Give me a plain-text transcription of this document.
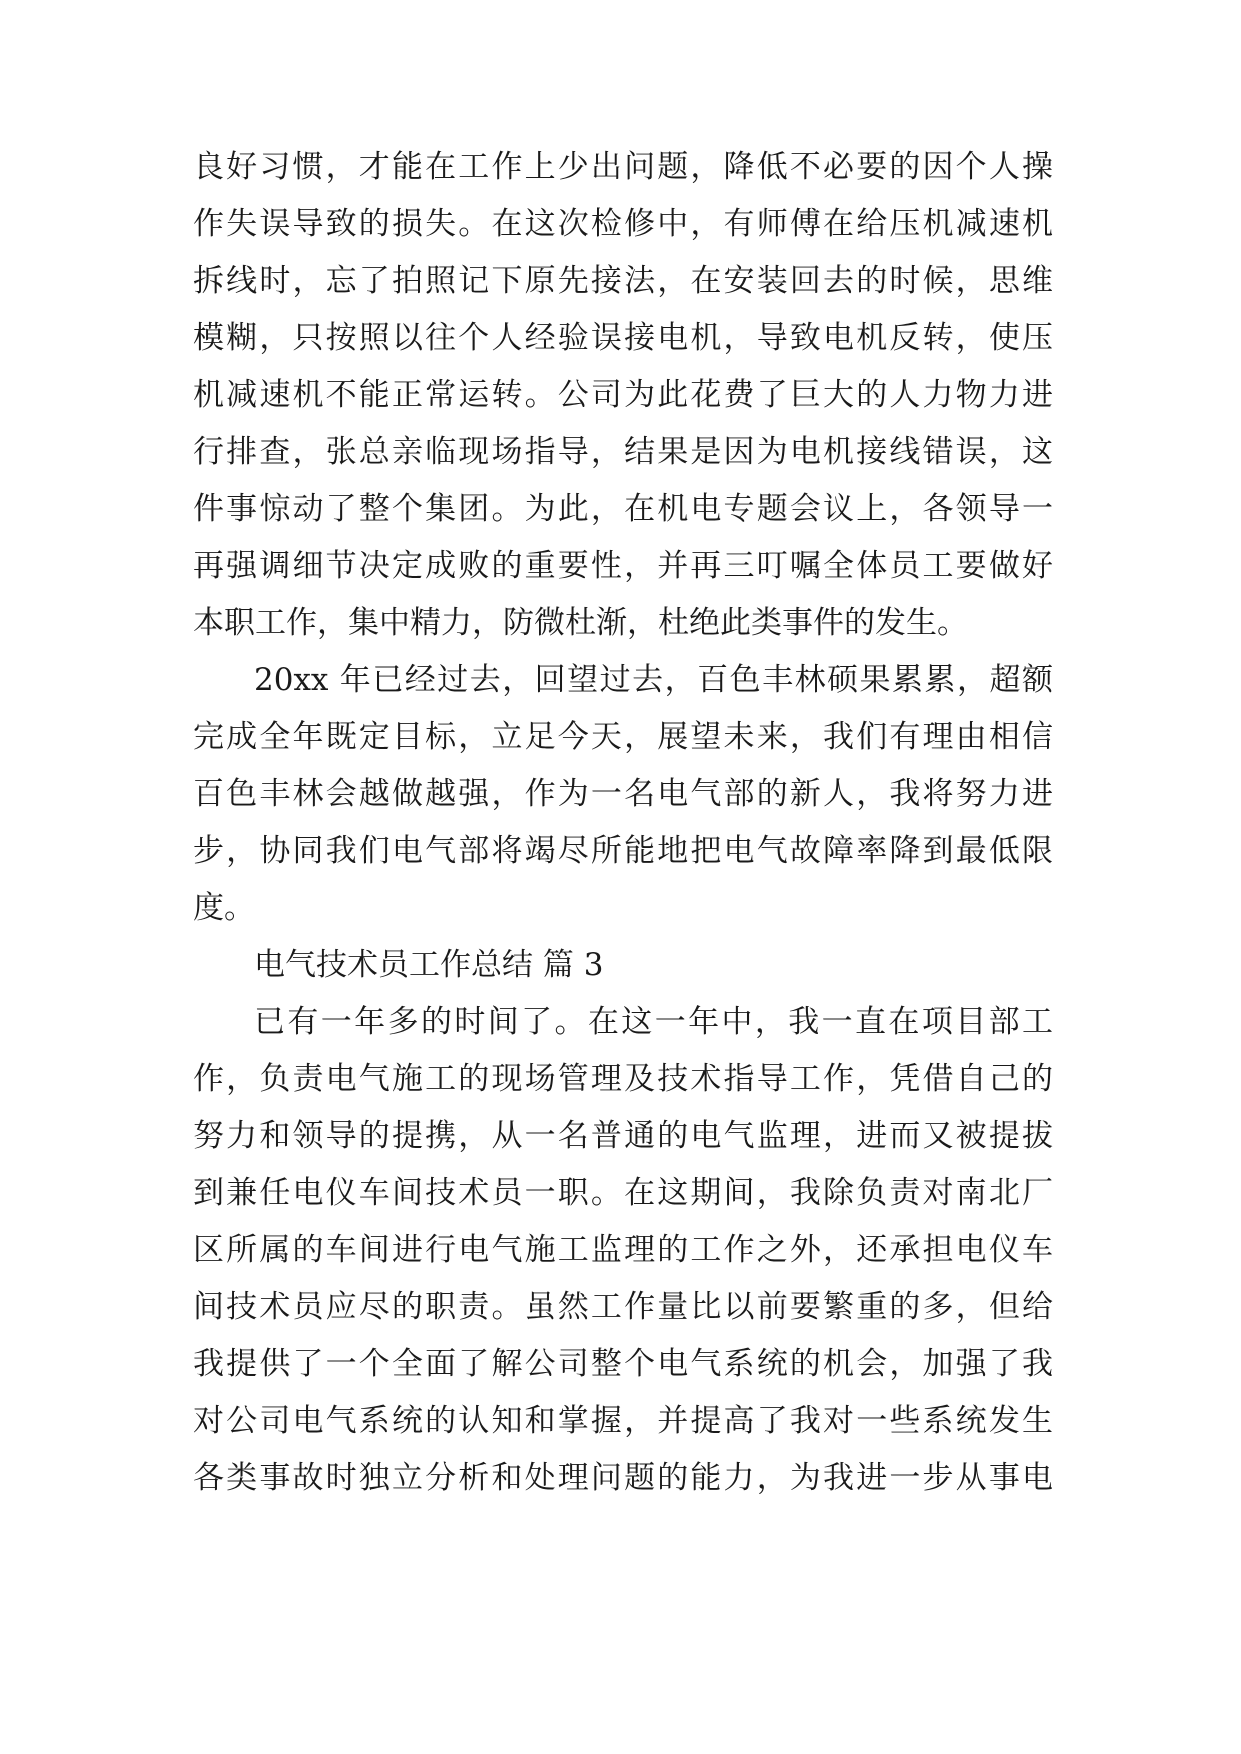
良好习惯，才能在工作上少出问题，降低不必要的因个人操
作失误导致的损失。在这次检修中，有师傅在给压机减速机
拆线时，忘了拍照记下原先接法，在安装回去的时候，思维
模糊，只按照以往个人经验误接电机，导致电机反转，使压
机减速机不能正常运转。公司为此花费了巨大的人力物力进
行排查，张总亲临现场指导，结果是因为电机接线错误，这
件事惊动了整个集团。为此，在机电专题会议上，各领导一
再强调细节决定成败的重要性，并再三叮嘱全体员工要做好
本职工作，集中精力，防微杜渐，杜绝此类事件的发生。
20xx 年已经过去，回望过去，百色丰林硕果累累，超额
完成全年既定目标，立足今天，展望未来，我们有理由相信
百色丰林会越做越强，作为一名电气部的新人，我将努力进
步，协同我们电气部将竭尽所能地把电气故障率降到最低限
度。
电气技术员工作总结 篇 3
已有一年多的时间了。在这一年中，我一直在项目部工
作，负责电气施工的现场管理及技术指导工作，凭借自己的
努力和领导的提携，从一名普通的电气监理，进而又被提拔
到兼任电仪车间技术员一职。在这期间，我除负责对南北厂
区所属的车间进行电气施工监理的工作之外，还承担电仪车
间技术员应尽的职责。虽然工作量比以前要繁重的多，但给
我提供了一个全面了解公司整个电气系统的机会，加强了我
对公司电气系统的认知和掌握，并提高了我对一些系统发生
各类事故时独立分析和处理问题的能力，为我进一步从事电
